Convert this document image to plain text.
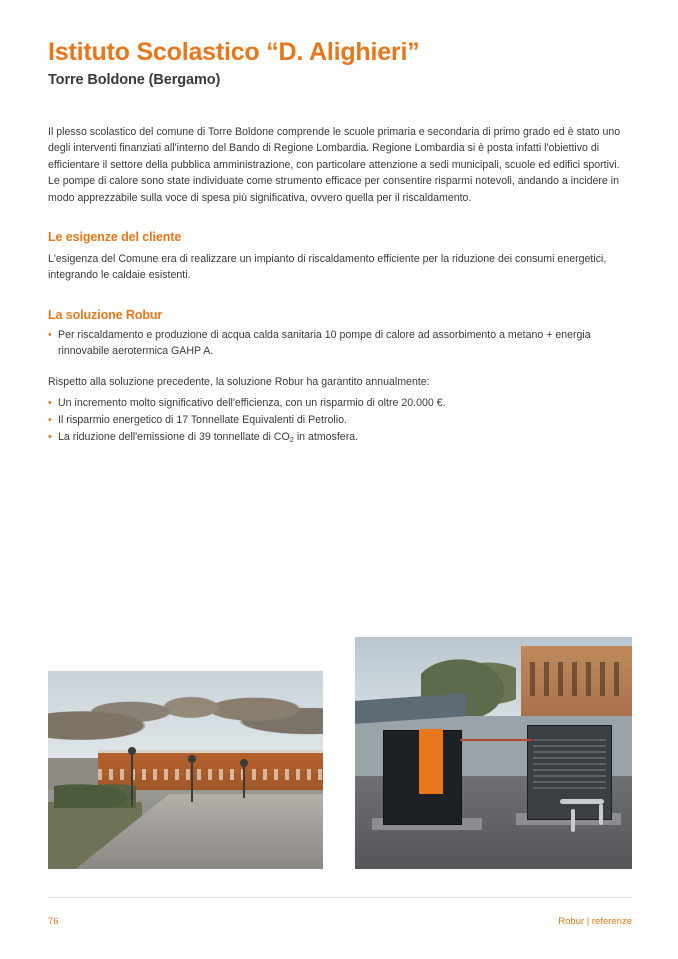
Istituto Scolastico “D. Alighieri”
Torre Boldone (Bergamo)

Il plesso scolastico del comune di Torre Boldone comprende le scuole primaria e secondaria di primo grado ed è stato uno degli interventi finanziati all'interno del Bando di Regione Lombardia. Regione Lombardia si è posta infatti l'obiettivo di efficientare il settore della pubblica amministrazione, con particolare attenzione a sedi municipali, scuole ed edifici sportivi. Le pompe di calore sono state individuate come strumento efficace per consentire risparmi notevoli, andando a incidere in modo apprezzabile sulla voce di spesa più significativa, ovvero quella per il riscaldamento.

Le esigenze del cliente
L'esigenza del Comune era di realizzare un impianto di riscaldamento efficiente per la riduzione dei consumi energetici, integrando le caldaie esistenti.
La soluzione Robur
• Per riscaldamento e produzione di acqua calda sanitaria 10 pompe di calore ad assorbimento a metano + energia rinnovabile aerotermica GAHP A.
Rispetto alla soluzione precedente, la soluzione Robur ha garantito annualmente:
• Un incremento molto significativo dell'efficienza, con un risparmio di oltre 20.000 €.
• Il risparmio energetico di 17 Tonnellate Equivalenti di Petrolio.
• La riduzione dell'emissione di 39 tonnellate di $CO_2$ in atmosfera.
76	Robur | referenze
